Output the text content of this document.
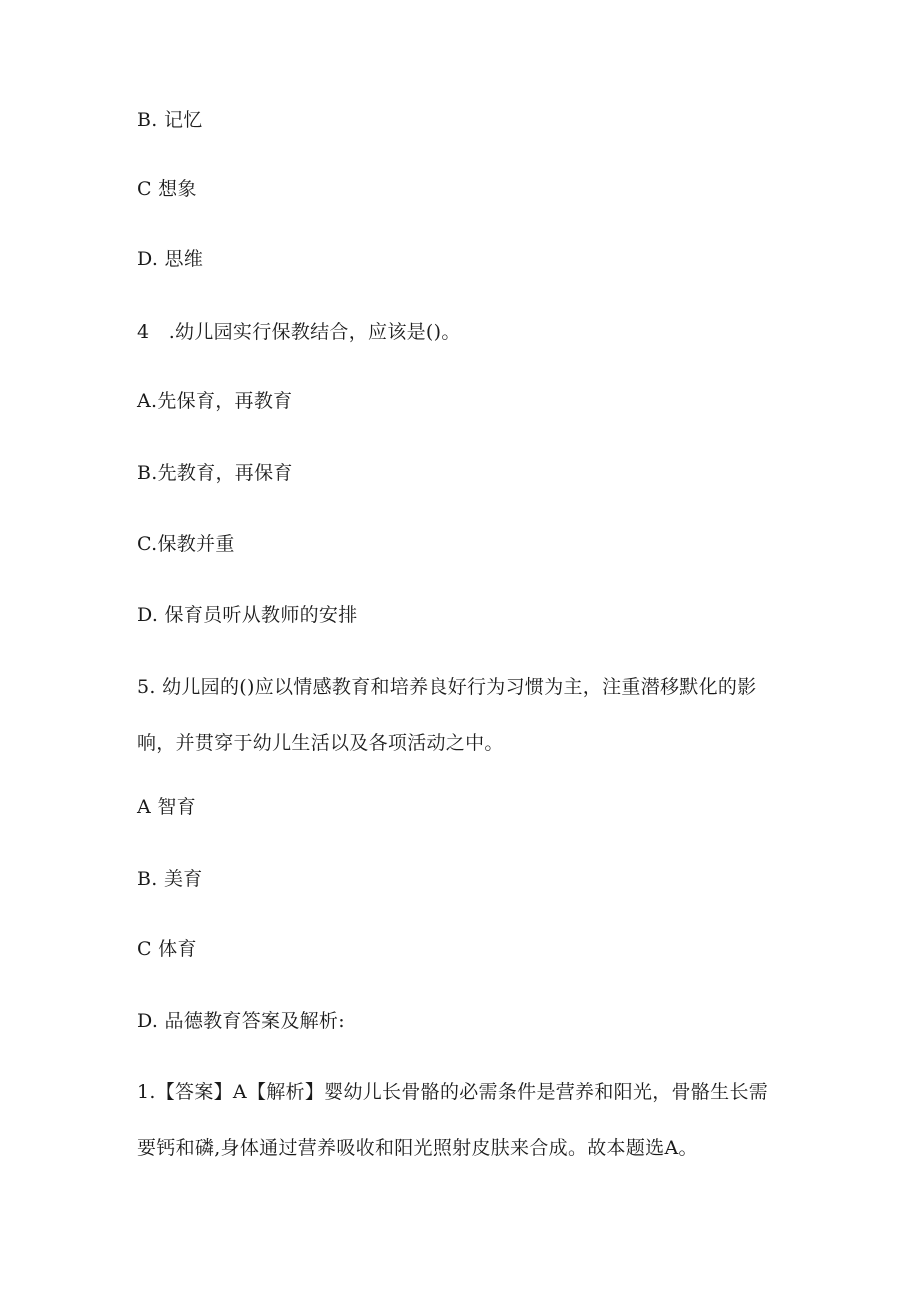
B. 记忆
C 想象
D. 思维
4　.幼儿园实行保教结合，应该是()。
A.先保育，再教育
B.先教育，再保育
C.保教并重
D. 保育员听从教师的安排
5. 幼儿园的()应以情感教育和培养良好行为习惯为主，注重潜移默化的影
响，并贯穿于幼儿生活以及各项活动之中。
A 智育
B. 美育
C 体育
D. 品德教育答案及解析:
1.【答案】A【解析】婴幼儿长骨骼的必需条件是营养和阳光，骨骼生长需
要钙和磷,身体通过营养吸收和阳光照射皮肤来合成。故本题选A。
